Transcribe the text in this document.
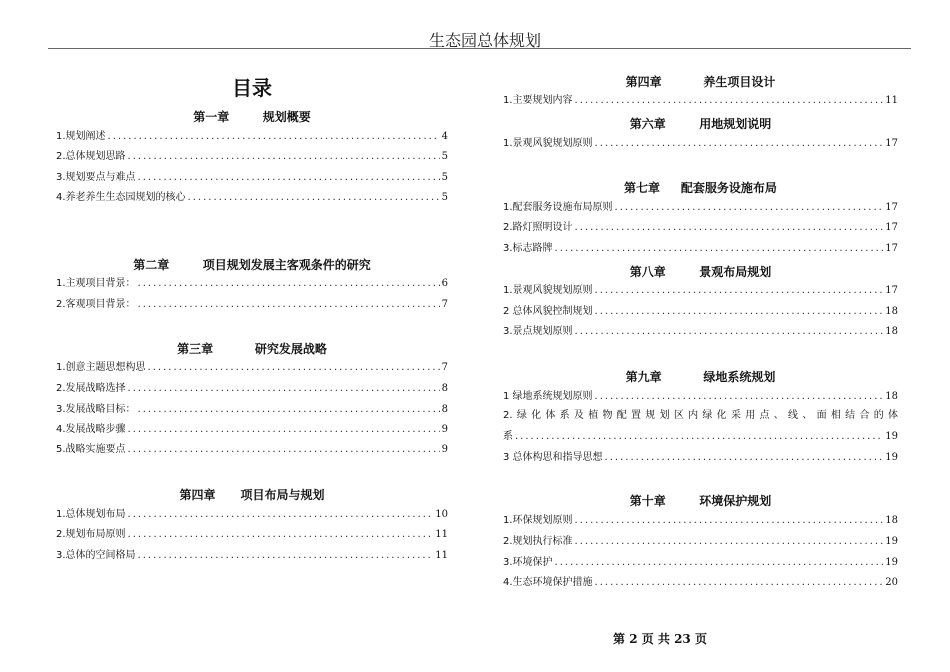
生态园总体规划
目录
第一章        规划概要
1.规划阐述 .....	4
2.总体规划思路 .....	5
3.规划要点与难点 .....	5
4.养老养生生态园规划的核心 .....	5
第二章        项目规划发展主客观条件的研究
1.主观项目背景： .....	6
2.客观项目背景： .....	7
第三章          研究发展战略
1.创意主题思想构思 .....	7
2.发展战略选择 .....	8
3.发展战略目标： .....	8
4.发展战略步骤 .....	9
5.战略实施要点 .....	9
第四章      项目布局与规划
1.总体规划布局 .....	10
2.规划布局原则 .....	11
3.总体的空间格局 .....	11
第四章          养生项目设计
1.主要规划内容 .....	11
第六章        用地规划说明
1.景观风貌规划原则 .....	17
第七章     配套服务设施布局
1.配套服务设施布局原则 .....	17
2.路灯照明设计 .....	17
3.标志路牌 .....	17
第八章        景观布局规划
1.景观风貌规划原则 .....	17
2 总体风貌控制规划 .....	18
3.景点规划原则 .....	18
第九章          绿地系统规划
1 绿地系统规划原则 .....	18
2.绿化体系及植物配置规划区内绿化采用点、线、面相结合的体
系 .....	19
3 总体构思和指导思想 .....	19
第十章        环境保护规划
1.环保规划原则 .....	18
2.规划执行标准 .....	19
3.环境保护 .....	19
4.生态环境保护措施 .....	20
第 2 页 共 23 页
